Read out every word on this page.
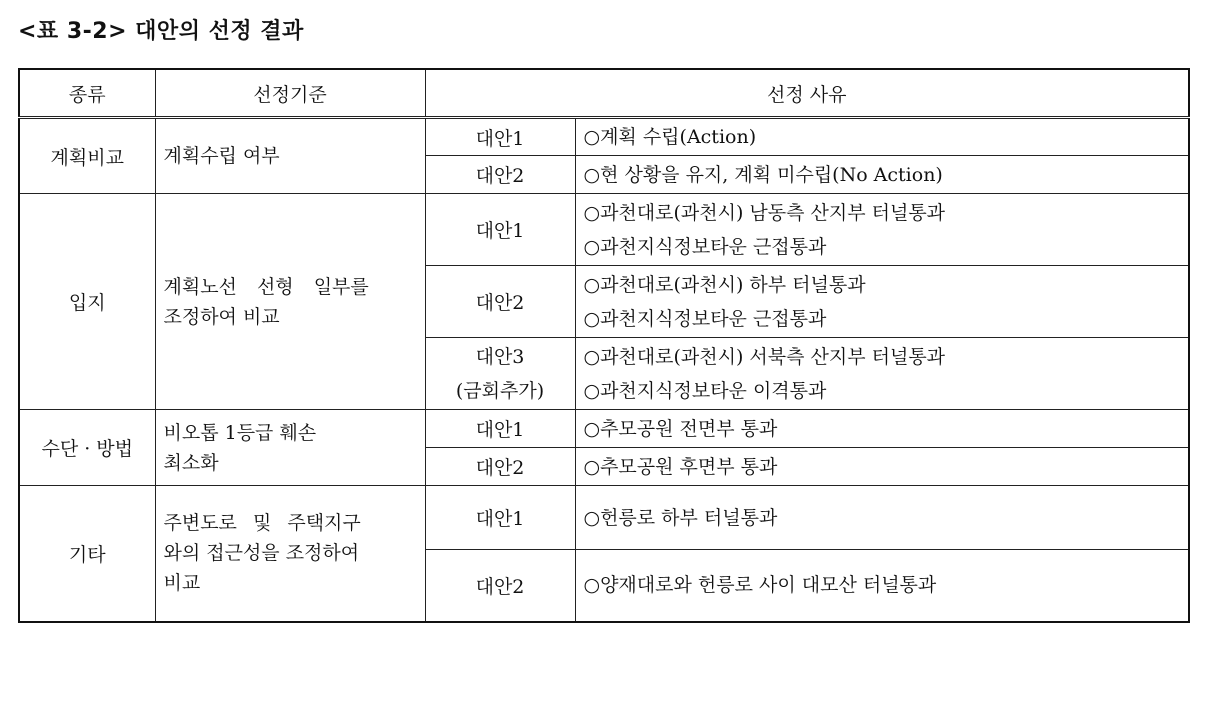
<표 3-2> 대안의 선정 결과
종류	선정기준	선정 사유	
계획비교	계획수립 여부	대안1	○계획 수립(Action)

		대안2	○현 상황을 유지, 계획 미수립(No Action)

입지	계획노선 선형 일부를
조정하여 비교	대안1	○과천대로(과천시) 남동측 산지부 터널통과
○과천지식정보타운 근접통과

		대안2	○과천대로(과천시) 하부 터널통과
○과천지식정보타운 근접통과

		대안3
(금회추가)	○과천대로(과천시) 서북측 산지부 터널통과
○과천지식정보타운 이격통과

수단 · 방법	비오톱 1등급 훼손
최소화	대안1	○추모공원 전면부 통과

		대안2	○추모공원 후면부 통과

기타	주변도로 및 주택지구
와의 접근성을 조정하여
비교	대안1	○헌릉로 하부 터널통과

		대안2	○양재대로와 헌릉로 사이 대모산 터널통과
